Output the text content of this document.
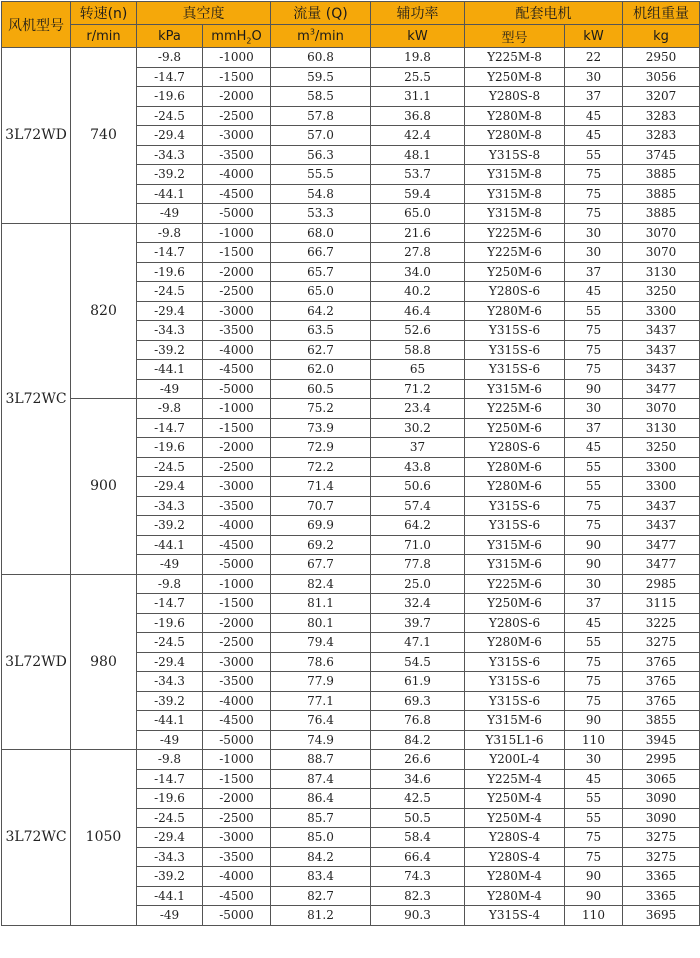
风机型号	转速(n)	真空度		流量 (Q)	辅功率	配套电机		机组重量
	r/min	kPa	mmH$_2$O	$m^3/\min$	kW	型号	kW	kg
3L72WD	740	-9.8	-1000	60.8	19.8	Y225M-8	22	2950
		-14.7	-1500	59.5	25.5	Y250M-8	30	3056
		-19.6	-2000	58.5	31.1	Y280S-8	37	3207
		-24.5	-2500	57.8	36.8	Y280M-8	45	3283
		-29.4	-3000	57.0	42.4	Y280M-8	45	3283
		-34.3	-3500	56.3	48.1	Y315S-8	55	3745
		-39.2	-4000	55.5	53.7	Y315M-8	75	3885
		-44.1	-4500	54.8	59.4	Y315M-8	75	3885
		-49	-5000	53.3	65.0	Y315M-8	75	3885
3L72WC	820	-9.8	-1000	68.0	21.6	Y225M-6	30	3070
		-14.7	-1500	66.7	27.8	Y225M-6	30	3070
		-19.6	-2000	65.7	34.0	Y250M-6	37	3130
		-24.5	-2500	65.0	40.2	Y280S-6	45	3250
		-29.4	-3000	64.2	46.4	Y280M-6	55	3300
		-34.3	-3500	63.5	52.6	Y315S-6	75	3437
		-39.2	-4000	62.7	58.8	Y315S-6	75	3437
		-44.1	-4500	62.0	65	Y315S-6	75	3437
		-49	-5000	60.5	71.2	Y315M-6	90	3477
	900	-9.8	-1000	75.2	23.4	Y225M-6	30	3070
		-14.7	-1500	73.9	30.2	Y250M-6	37	3130
		-19.6	-2000	72.9	37	Y280S-6	45	3250
		-24.5	-2500	72.2	43.8	Y280M-6	55	3300
		-29.4	-3000	71.4	50.6	Y280M-6	55	3300
		-34.3	-3500	70.7	57.4	Y315S-6	75	3437
		-39.2	-4000	69.9	64.2	Y315S-6	75	3437
		-44.1	-4500	69.2	71.0	Y315M-6	90	3477
		-49	-5000	67.7	77.8	Y315M-6	90	3477
3L72WD	980	-9.8	-1000	82.4	25.0	Y225M-6	30	2985
		-14.7	-1500	81.1	32.4	Y250M-6	37	3115
		-19.6	-2000	80.1	39.7	Y280S-6	45	3225
		-24.5	-2500	79.4	47.1	Y280M-6	55	3275
		-29.4	-3000	78.6	54.5	Y315S-6	75	3765
		-34.3	-3500	77.9	61.9	Y315S-6	75	3765
		-39.2	-4000	77.1	69.3	Y315S-6	75	3765
		-44.1	-4500	76.4	76.8	Y315M-6	90	3855
		-49	-5000	74.9	84.2	Y315L1-6	110	3945
3L72WC	1050	-9.8	-1000	88.7	26.6	Y200L-4	30	2995
		-14.7	-1500	87.4	34.6	Y225M-4	45	3065
		-19.6	-2000	86.4	42.5	Y250M-4	55	3090
		-24.5	-2500	85.7	50.5	Y250M-4	55	3090
		-29.4	-3000	85.0	58.4	Y280S-4	75	3275
		-34.3	-3500	84.2	66.4	Y280S-4	75	3275
		-39.2	-4000	83.4	74.3	Y280M-4	90	3365
		-44.1	-4500	82.7	82.3	Y280M-4	90	3365
		-49	-5000	81.2	90.3	Y315S-4	110	3695
